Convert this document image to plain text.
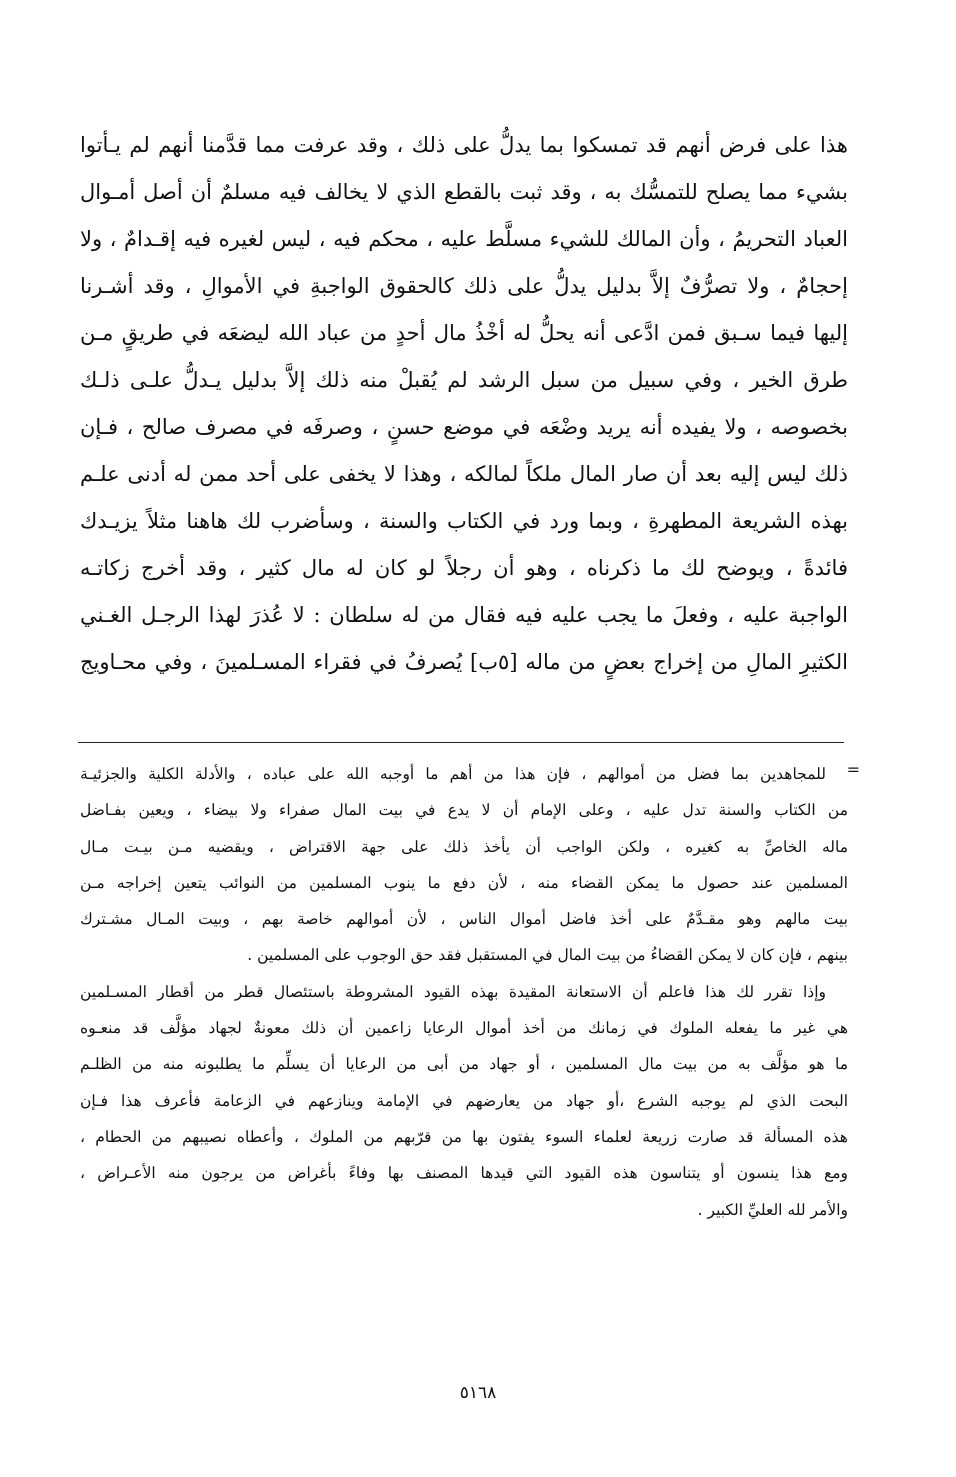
هذا على فرض أنهم قد تمسكوا بما يدلُّ على ذلك ، وقد عرفت مما قدَّمنا أنهم لم يـأتوا
بشيء مما يصلح للتمسُّك به ، وقد ثبت بالقطع الذي لا يخالف فيه مسلمٌ أن أصل أمـوال
العباد التحريمُ ، وأن المالك للشيء مسلَّط عليه ، محكم فيه ، ليس لغيره فيه إقـدامٌ ، ولا
إحجامٌ ، ولا تصرُّفٌ إلاَّ بدليل يدلُّ على ذلك كالحقوق الواجبةِ في الأموالِ ، وقد أشـرنا
إليها فيما سـبق فمن ادَّعى أنه يحلُّ له أخْذُ مال أحدٍ من عباد الله ليضعَه في طريقٍ مـن
طرق الخير ، وفي سبيل من سبل الرشد لم يُقبلْ منه ذلك إلاَّ بدليل يـدلُّ علـى ذلـك
بخصوصه ، ولا يفيده أنه يريد وضْعَه في موضع حسنٍ ، وصرفَه في مصرف صالح ، فـإن
ذلك ليس إليه بعد أن صار المال ملكاً لمالكه ، وهذا لا يخفى على أحد ممن له أدنى علـم
بهذه الشريعة المطهرةِ ، وبما ورد في الكتاب والسنة ، وسأضرب لك هاهنا مثلاً يزيـدك
فائدةً ، ويوضح لك ما ذكرناه ، وهو أن رجلاً لو كان له مال كثير ، وقد أخرج زكاتـه
الواجبة عليه ، وفعلَ ما يجب عليه فيه فقال من له سلطان : لا عُذرَ لهذا الرجـل الغـني
الكثيرِ المالِ من إخراج بعضٍ من ماله [٥ب] يُصرفُ في فقراء المسـلمينَ ، وفي محـاويج
=
للمجاهدين بما فضل من أموالهم ، فإن هذا من أهم ما أوجبه الله على عباده ، والأدلة الكلية والجزئيـة
من الكتاب والسنة تدل عليه ، وعلى الإمام أن لا يدع في بيت المال صفراء ولا بيضاء ، ويعين بفـاضل
ماله الخاصِّ به كغيره ، ولكن الواجب أن يأخذ ذلك على جهة الاقتراض ، ويقضيه مـن بيـت مـال
المسلمين عند حصول ما يمكن القضاء منه ، لأن دفع ما ينوب المسلمين من النوائب يتعين إخراجه مـن
بيت مالهم وهو مقـدَّمٌ على أخذ فاضل أموال الناس ، لأن أموالهم خاصة بهم ، وبيت المـال مشـترك
بينهم ، فإن كان لا يمكن القضاءُ من بيت المال في المستقبل فقد حق الوجوب على المسلمين .
وإذا تقرر لك هذا فاعلم أن الاستعانة المقيدة بهذه القيود المشروطة باستئصال قطر من أقطار المسـلمين
هي غير ما يفعله الملوك في زمانك من أخذ أموال الرعايا زاعمين أن ذلك معونةٌ لجهاد مؤلَّف قد منعـوه
ما هو مؤلَّف به من بيت مال المسلمين ، أو جهاد من أبى من الرعايا أن يسلِّم ما يطلبونه منه من الظلـم
البحت الذي لم يوجبه الشرع ،أو جهاد من يعارضهم في الإمامة وينازعهم في الزعامة فأعرف هذا فـإن
هذه المسألة قد صارت زريعة لعلماء السوء يفتون بها من قرّبهم من الملوك ، وأعطاه نصيبهم من الحطام ،
ومع هذا ينسون أو يتناسون هذه القيود التي قيدها المصنف بها وفاءً بأغراض من يرجون منه الأعـراض ،
والأمر لله العليِّ الكبير .
٥١٦٨
